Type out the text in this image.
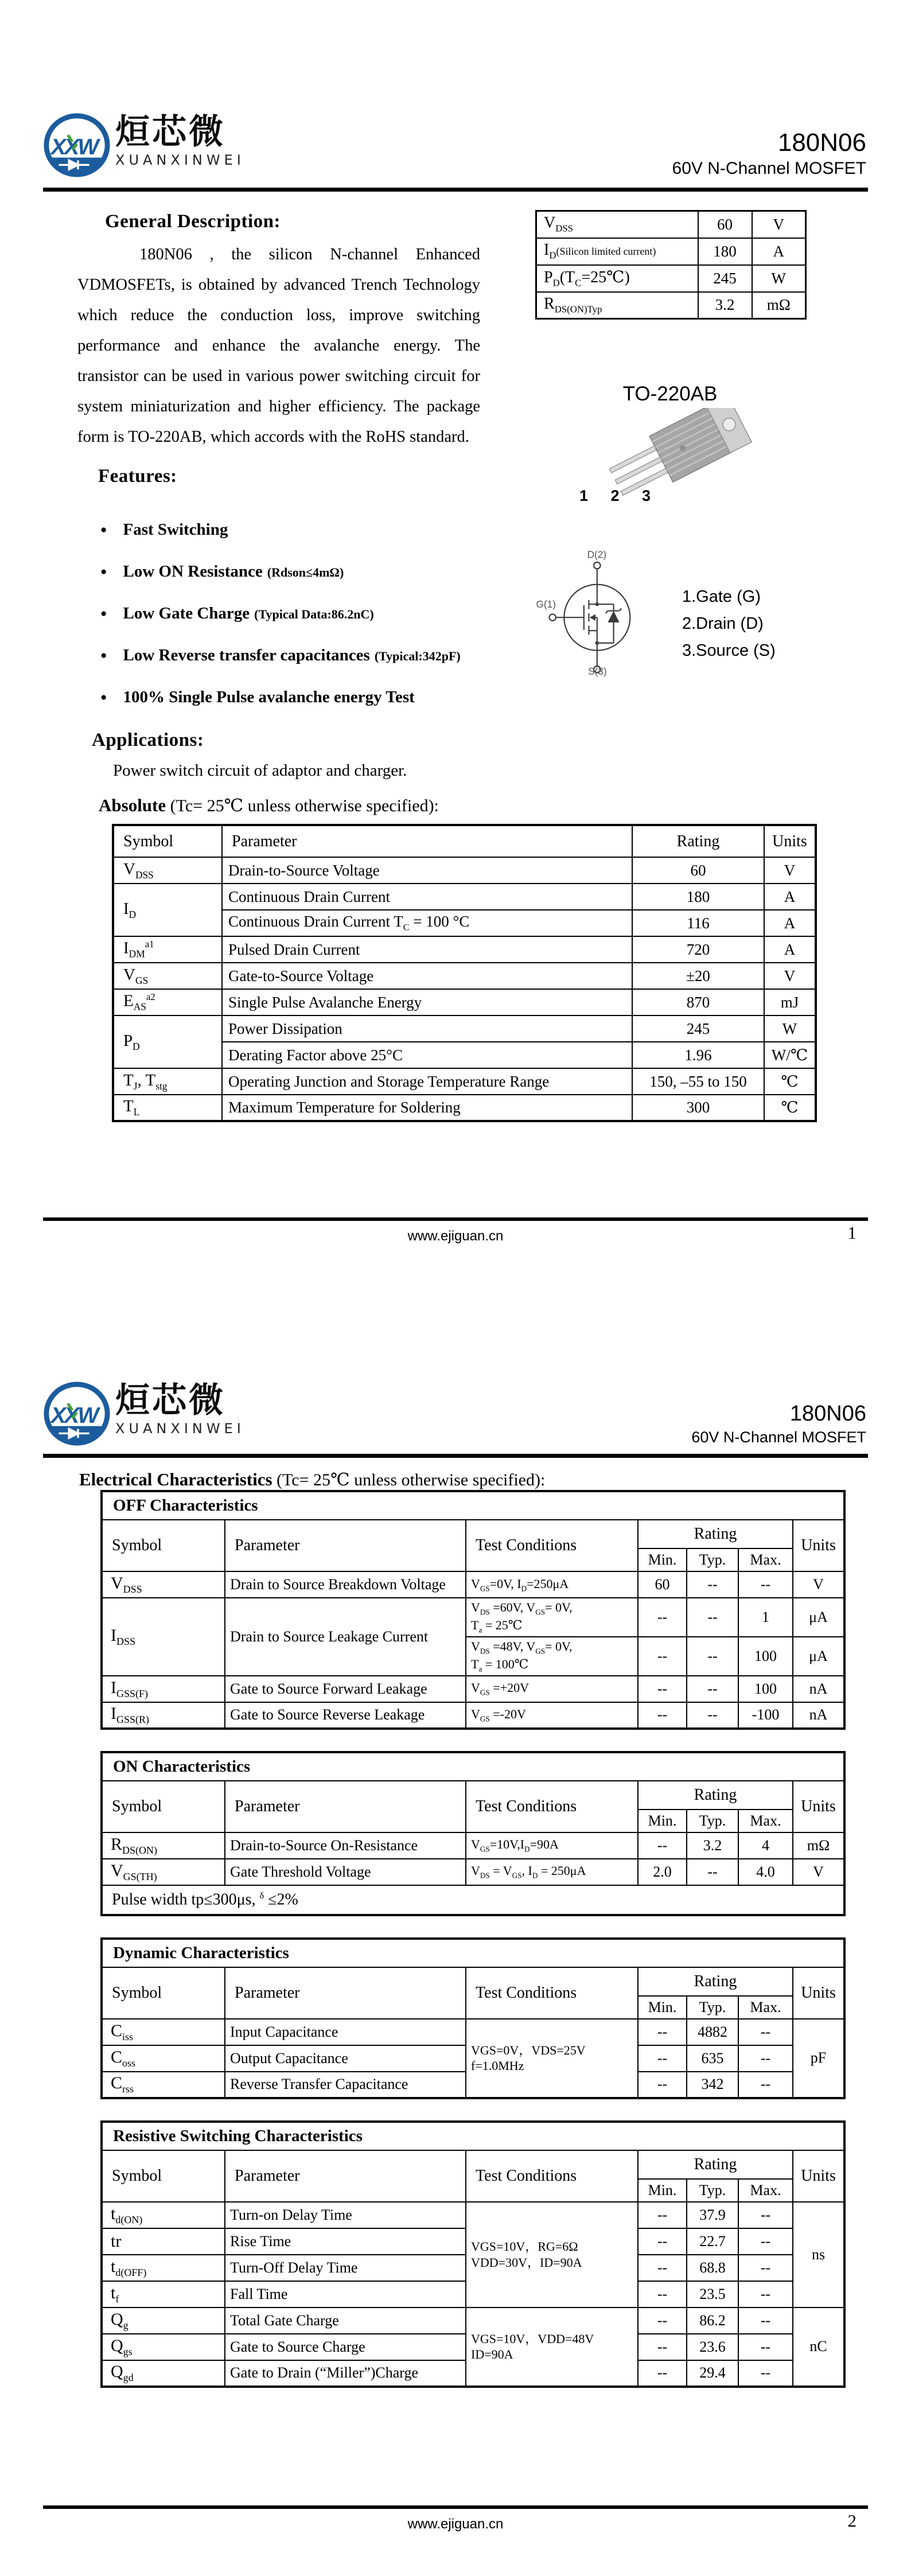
XXW 烜芯微
XUANXINWEI
180N06
60V N-Channel MOSFET
General Description:

180N06 , the silicon N-channel Enhanced VDMOSFETs, is obtained by advanced Trench Technology which reduce the conduction loss, improve switching performance and enhance the avalanche energy. The transistor can be used in various power switching circuit for system miniaturization and higher efficiency. The package form is TO-220AB, which accords with the RoHS standard.

Features:
● Fast Switching
● Low ON Resistance (Rdson≤4mΩ)
● Low Gate Charge (Typical Data:86.2nC)
● Low Reverse transfer capacitances (Typical:342pF)
● 100% Single Pulse avalanche energy Test
$V_{DSS}$	60	V
$I_D(Silicon$ limited current)	180	A
$P_D(T_C=25℃)$	245	W
$R_{DS(ON)Typ}$	3.2	mΩ
TO-220AB
1 2 3
D(2)
G(1)
S(3)
1.Gate (G)
2.Drain (D)
3.Source (S)
Applications:

Power switch circuit of adaptor and charger.

Absolute (Tc= 25℃ unless otherwise specified):
Symbol	Parameter	Rating	Units
$V_{DSS}$	Drain-to-Source Voltage	60	V
$I_D$	Continuous Drain Current	180	A
	Continuous Drain Current $T_C = 100$ °C	116	A
$I_{DM}^{a1}$	Pulsed Drain Current	720	A
$V_{GS}$	Gate-to-Source Voltage	±20	V
$E_{AS}^{a2}$	Single Pulse Avalanche Energy	870	mJ
$P_D$	Power Dissipation	245	W
	Derating Factor above 25°C	1.96	W/℃
$T_J$, $T_{stg}$	Operating Junction and Storage Temperature Range	150, –55 to 150	℃
$T_L$	Maximum Temperature for Soldering	300	℃
www.ejiguan.cn	1
XXW 烜芯微
XUANXINWEI
180N06
60V N-Channel MOSFET
Electrical Characteristics (Tc= 25℃ unless otherwise specified):
OFF Characteristics						
Symbol	Parameter	Test Conditions	Rating			Units
			Min.	Typ.	Max.	
$V_{DSS}$	Drain to Source Breakdown Voltage	$V_{GS}=0V$, $I_D=250\mu A$	60	--	--	V
$I_{DSS}$	Drain to Source Leakage Current	$V_{DS} =60V$, $V_{GS}= 0V$,
$T_a$ = 25℃	--	--	1	μA
		$V_{DS} =48V$, $V_{GS}= 0V$,
$T_a$ = 100℃	--	--	100	μA
$I_{GSS(F)}$	Gate to Source Forward Leakage	$V_{GS} =+20V$	--	--	100	nA
$I_{GSS(R)}$	Gate to Source Reverse Leakage	$V_{GS} =-20V$	--	--	-100	nA
ON Characteristics						
Symbol	Parameter	Test Conditions	Rating			Units
			Min.	Typ.	Max.	
$R_{DS(ON)}$	Drain-to-Source On-Resistance	$V_{GS}=10V,I_D=90A$	--	3.2	4	mΩ
$V_{GS(TH)}$	Gate Threshold Voltage	$V_{DS} = V_{GS}$, $I_D = 250\mu A$	2.0	--	4.0	V
Pulse width tp≤300μs, $^\delta$ ≤2%						
Dynamic Characteristics						
Symbol	Parameter	Test Conditions	Rating			Units
			Min.	Typ.	Max.	
$C_{iss}$	Input Capacitance	VGS=0V，VDS=25V
f=1.0MHz	--	4882	--	pF
$C_{oss}$	Output Capacitance		--	635	--	
$C_{rss}$	Reverse Transfer Capacitance		--	342	--	
Resistive Switching Characteristics						
Symbol	Parameter	Test Conditions	Rating			Units
			Min.	Typ.	Max.	
$t_{d(ON)}$	Turn-on Delay Time	VGS=10V，RG=6Ω
VDD=30V，ID=90A	--	37.9	--	ns
tr	Rise Time		--	22.7	--	
$t_{d(OFF)}$	Turn-Off Delay Time		--	68.8	--	
$t_f$	Fall Time		--	23.5	--	
$Q_g$	Total Gate Charge	VGS=10V，VDD=48V
ID=90A	--	86.2	--	nC
$Q_{gs}$	Gate to Source Charge		--	23.6	--	
$Q_{gd}$	Gate to Drain (“Miller”)Charge		--	29.4	--	
www.ejiguan.cn	2
